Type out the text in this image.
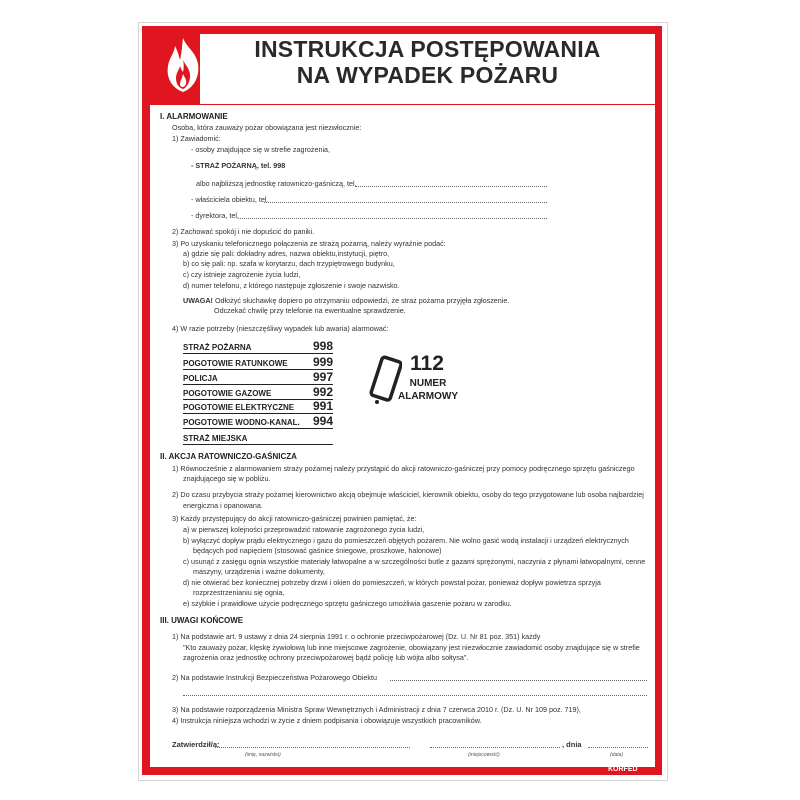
INSTRUKCJA POSTĘPOWANIA
NA WYPADEK POŻARU
I. ALARMOWANIE
Osoba, która zauważy pożar obowiązana jest niezwłocznie:
1) Zawiadomić:
- osoby znajdujące się w strefie zagrożenia,
- STRAŻ POŻARNĄ, tel. 998
albo najbliższą jednostkę ratowniczo-gaśniczą, tel.
- właściciela obiektu, tel.
- dyrektora, tel.
2) Zachować spokój i nie dopuścić do paniki.
3) Po uzyskaniu telefonicznego połączenia ze strażą pożarną, należy wyraźnie podać:
a) gdzie się pali: dokładny adres, nazwa obiektu,instytucji, piętro,
b) co się pali: np. szafa w korytarzu, dach trzypiętrowego budynku,
c) czy istnieje zagrożenie życia ludzi,
d) numer telefonu, z którego następuje zgłoszenie i swoje nazwisko.
UWAGA! Odłożyć słuchawkę dopiero po otrzymaniu odpowiedzi, że straż pożarna przyjęła zgłoszenie.
Odczekać chwilę przy telefonie na ewentualne sprawdzenie.
4) W razie potrzeby (nieszczęśliwy wypadek lub awaria) alarmować:
STRAŻ POŻARNA	998
POGOTOWIE RATUNKOWE 999
POLICJA	997
POGOTOWIE GAZOWE	992
POGOTOWIE ELEKTRYCZNE 991
POGOTOWIE WODNO-KANAL. 994
STRAŻ MIEJSKA
112
NUMER
ALARMOWY
II. AKCJA RATOWNICZO-GAŚNICZA
1) Równocześnie z alarmowaniem straży pożarnej należy przystąpić do akcji ratowniczo-gaśniczej przy pomocy podręcznego sprzętu gaśniczego
znajdującego się w pobliżu.
2) Do czasu przybycia straży pożarnej kierownictwo akcją obejmuje właściciel, kierownik obiektu, osoby do tego przygotowane lub osoba najbardziej
energiczna i opanowana.
3) Każdy przystępujący do akcji ratowniczo-gaśniczej powinien pamiętać, że:
a) w pierwszej kolejności przeprowadzić ratowanie zagrożonego życia ludzi,
b) wyłączyć dopływ prądu elektrycznego i gazu do pomieszczeń objętych pożarem. Nie wolno gasić wodą instalacji i urządzeń elektrycznych
będących pod napięciem (stosować gaśnice śniegowe, proszkowe, halonowe)
c) usunąć z zasięgu ognia wszystkie materiały łatwopalne a w szczególności butle z gazami sprężonymi, naczynia z płynami łatwopalnymi, cenne
maszyny, urządzenia i ważne dokumenty,
d) nie otwierać bez koniecznej potrzeby drzwi i okien do pomieszczeń, w których powstał pożar, ponieważ dopływ powietrza sprzyja
rozprzestrzenianiu się ognia,
e) szybkie i prawidłowe użycie podręcznego sprzętu gaśniczego umożliwia gaszenie pożaru w zarodku.
III. UWAGI KOŃCOWE
1) Na podstawie art. 9 ustawy z dnia 24 sierpnia 1991 r. o ochronie przeciwpożarowej (Dz. U. Nr 81 poz. 351) każdy
"Kto zauważy pożar, klęskę żywiołową lub inne miejscowe zagrożenie, obowiązany jest niezwłocznie zawiadomić osoby znajdujące się w strefie
zagrożenia oraz jednostkę ochrony przeciwpożarowej bądź policję lub wójta albo sołtysa".
2) Na podstawie Instrukcji Bezpieczeństwa Pożarowego Obiektu
3) Na podstawie rozporządzenia Ministra Spraw Wewnętrznych i Administracji z dnia 7 czerwca 2010 r. (Dz. U. Nr 109 poz. 719),
4) Instrukcja niniejsza wchodzi w życie z dniem podpisania i obowiązuje wszystkich pracowników.
Zatwierdził/a:	, dnia
(imię, nazwisko)	(miejscowość)	(data)
KORFED
